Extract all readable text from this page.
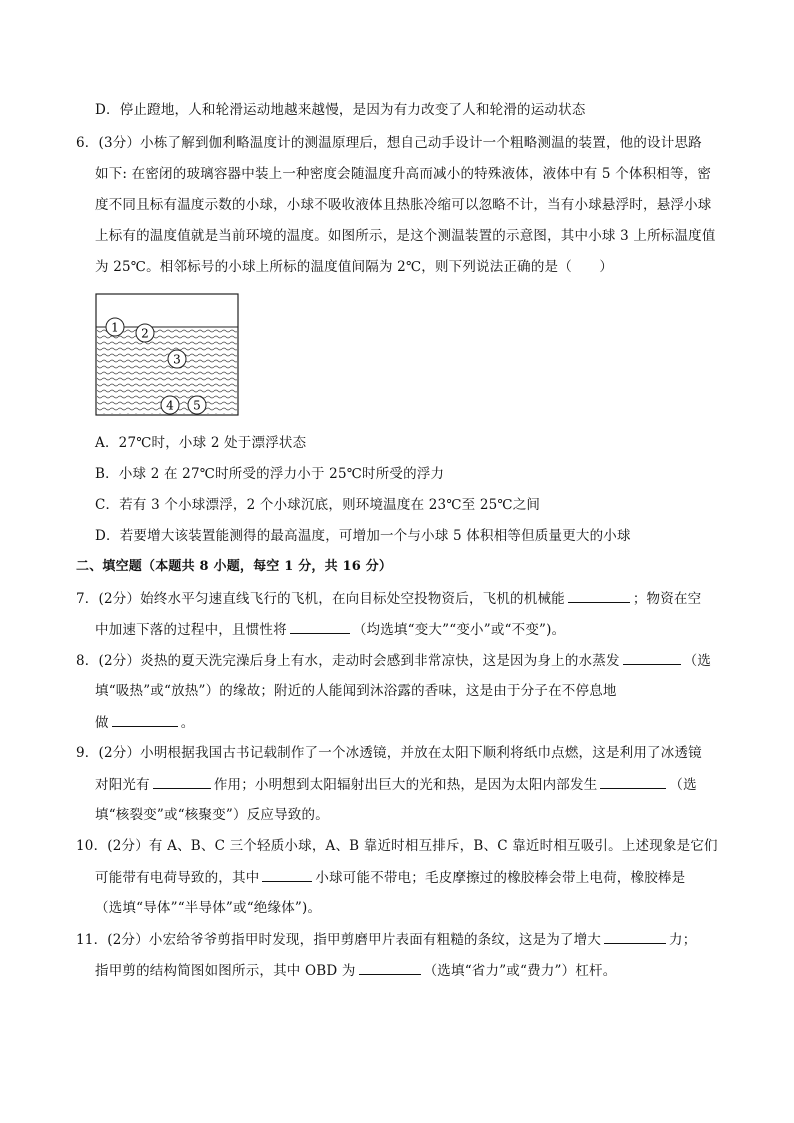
D．停止蹬地，人和轮滑运动地越来越慢，是因为有力改变了人和轮滑的运动状态
6．(3分）小栋了解到伽利略温度计的测温原理后，想自己动手设计一个粗略测温的装置，他的设计思路
如下: 在密闭的玻璃容器中装上一种密度会随温度升高而减小的特殊液体，液体中有 5 个体积相等，密
度不同且标有温度示数的小球，小球不吸收液体且热胀冷缩可以忽略不计，当有小球悬浮时，悬浮小球
上标有的温度值就是当前环境的温度。如图所示，是这个测温装置的示意图，其中小球 3 上所标温度值
为 25℃。相邻标号的小球上所标的温度值间隔为 2℃，则下列说法正确的是（　　）
1 2
3
4 5
A．27℃时，小球 2 处于漂浮状态
B．小球 2 在 27℃时所受的浮力小于 25℃时所受的浮力
C．若有 3 个小球漂浮，2 个小球沉底，则环境温度在 23℃至 25℃之间
D．若要增大该装置能测得的最高温度，可增加一个与小球 5 体积相等但质量更大的小球
二、填空题（本题共 8 小题，每空 1 分，共 16 分）
7．(2分）始终水平匀速直线飞行的飞机，在向目标处空投物资后，飞机的机械能	；物资在空
中加速下落的过程中，且惯性将	（均选填“变大”“变小”或“不变”)。
8．(2分）炎热的夏天洗完澡后身上有水，走动时会感到非常凉快，这是因为身上的水蒸发	（选
填“吸热”或“放热”）的缘故；附近的人能闻到沐浴露的香味，这是由于分子在不停息地
做	。
9．(2分）小明根据我国古书记载制作了一个冰透镜，并放在太阳下顺利将纸巾点燃，这是利用了冰透镜
对阳光有	作用；小明想到太阳辐射出巨大的光和热，是因为太阳内部发生	（选
填“核裂变”或“核聚变”）反应导致的。
10．(2分）有 A、B、C 三个轻质小球，A、B 靠近时相互排斥，B、C 靠近时相互吸引。上述现象是它们
可能带有电荷导致的，其中	小球可能不带电；毛皮摩擦过的橡胶棒会带上电荷，橡胶棒是
（选填“导体”“半导体”或“绝缘体”)。
11．(2分）小宏给爷爷剪指甲时发现，指甲剪磨甲片表面有粗糙的条纹，这是为了增大	力；
指甲剪的结构简图如图所示，其中 OBD 为	（选填“省力”或“费力”）杠杆。
